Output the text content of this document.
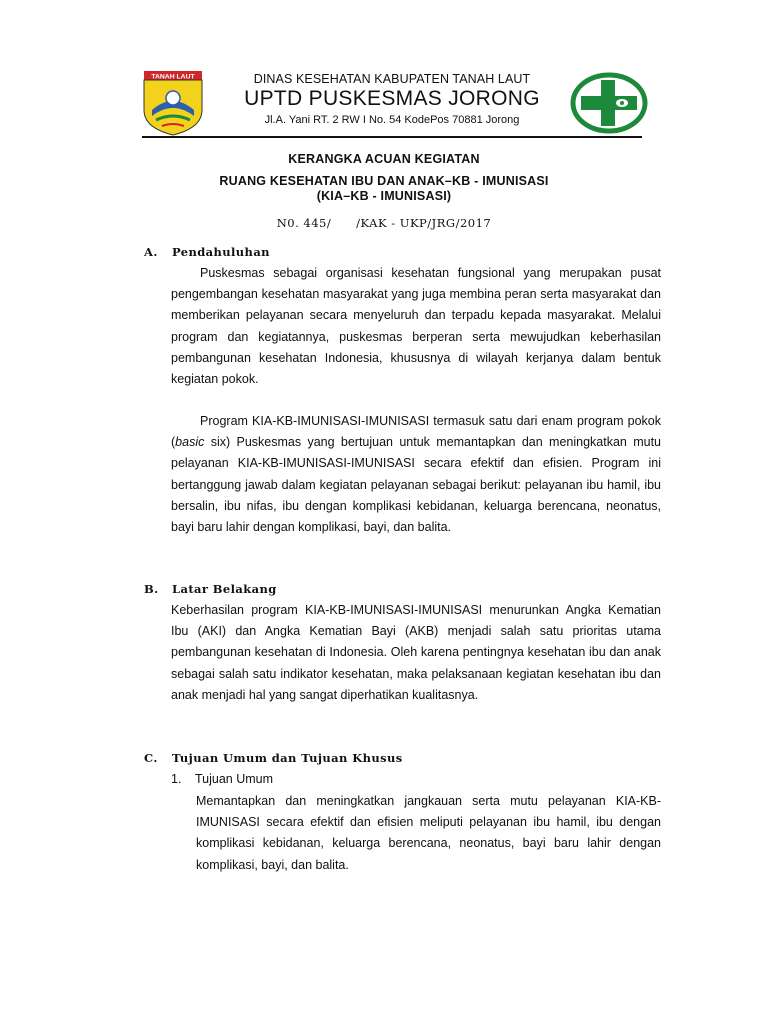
TANAH LAUT	DINAS KESEHATAN KABUPATEN TANAH LAUT
UPTD PUSKESMAS JORONG
Jl.A. Yani RT. 2 RW I No. 54 KodePos 70881 Jorong
KERANGKA ACUAN KEGIATAN
RUANG KESEHATAN IBU DAN ANAK–KB - IMUNISASI
(KIA–KB - IMUNISASI)
N0. 445/      /KAK - UKP/JRG/2017
A. Pendahuluhan

Puskesmas sebagai organisasi kesehatan fungsional yang merupakan pusat pengembangan kesehatan masyarakat yang juga membina peran serta masyarakat dan memberikan pelayanan secara menyeluruh dan terpadu kepada masyarakat. Melalui program dan kegiatannya, puskesmas berperan serta mewujudkan keberhasilan pembangunan kesehatan Indonesia, khususnya di wilayah kerjanya dalam bentuk kegiatan pokok.

Program KIA-KB-IMUNISASI-IMUNISASI termasuk satu dari enam program pokok (basic six) Puskesmas yang bertujuan untuk memantapkan dan meningkatkan mutu pelayanan KIA-KB-IMUNISASI-IMUNISASI secara efektif dan efisien. Program ini bertanggung jawab dalam kegiatan pelayanan sebagai berikut: pelayanan ibu hamil, ibu bersalin, ibu nifas, ibu dengan komplikasi kebidanan, keluarga berencana, neonatus, bayi baru lahir dengan komplikasi, bayi, dan balita.

B. Latar Belakang

Keberhasilan program KIA-KB-IMUNISASI-IMUNISASI menurunkan Angka Kematian Ibu (AKI) dan Angka Kematian Bayi (AKB) menjadi salah satu prioritas utama pembangunan kesehatan di Indonesia. Oleh karena pentingnya kesehatan ibu dan anak sebagai salah satu indikator kesehatan, maka pelaksanaan kegiatan kesehatan ibu dan anak menjadi hal yang sangat diperhatikan kualitasnya.

C. Tujuan Umum dan Tujuan Khusus
1. Tujuan Umum

Memantapkan dan meningkatkan jangkauan serta mutu pelayanan KIA-KB-IMUNISASI secara efektif dan efisien meliputi pelayanan ibu hamil, ibu dengan komplikasi kebidanan, keluarga berencana, neonatus, bayi baru lahir dengan komplikasi, bayi, dan balita.
